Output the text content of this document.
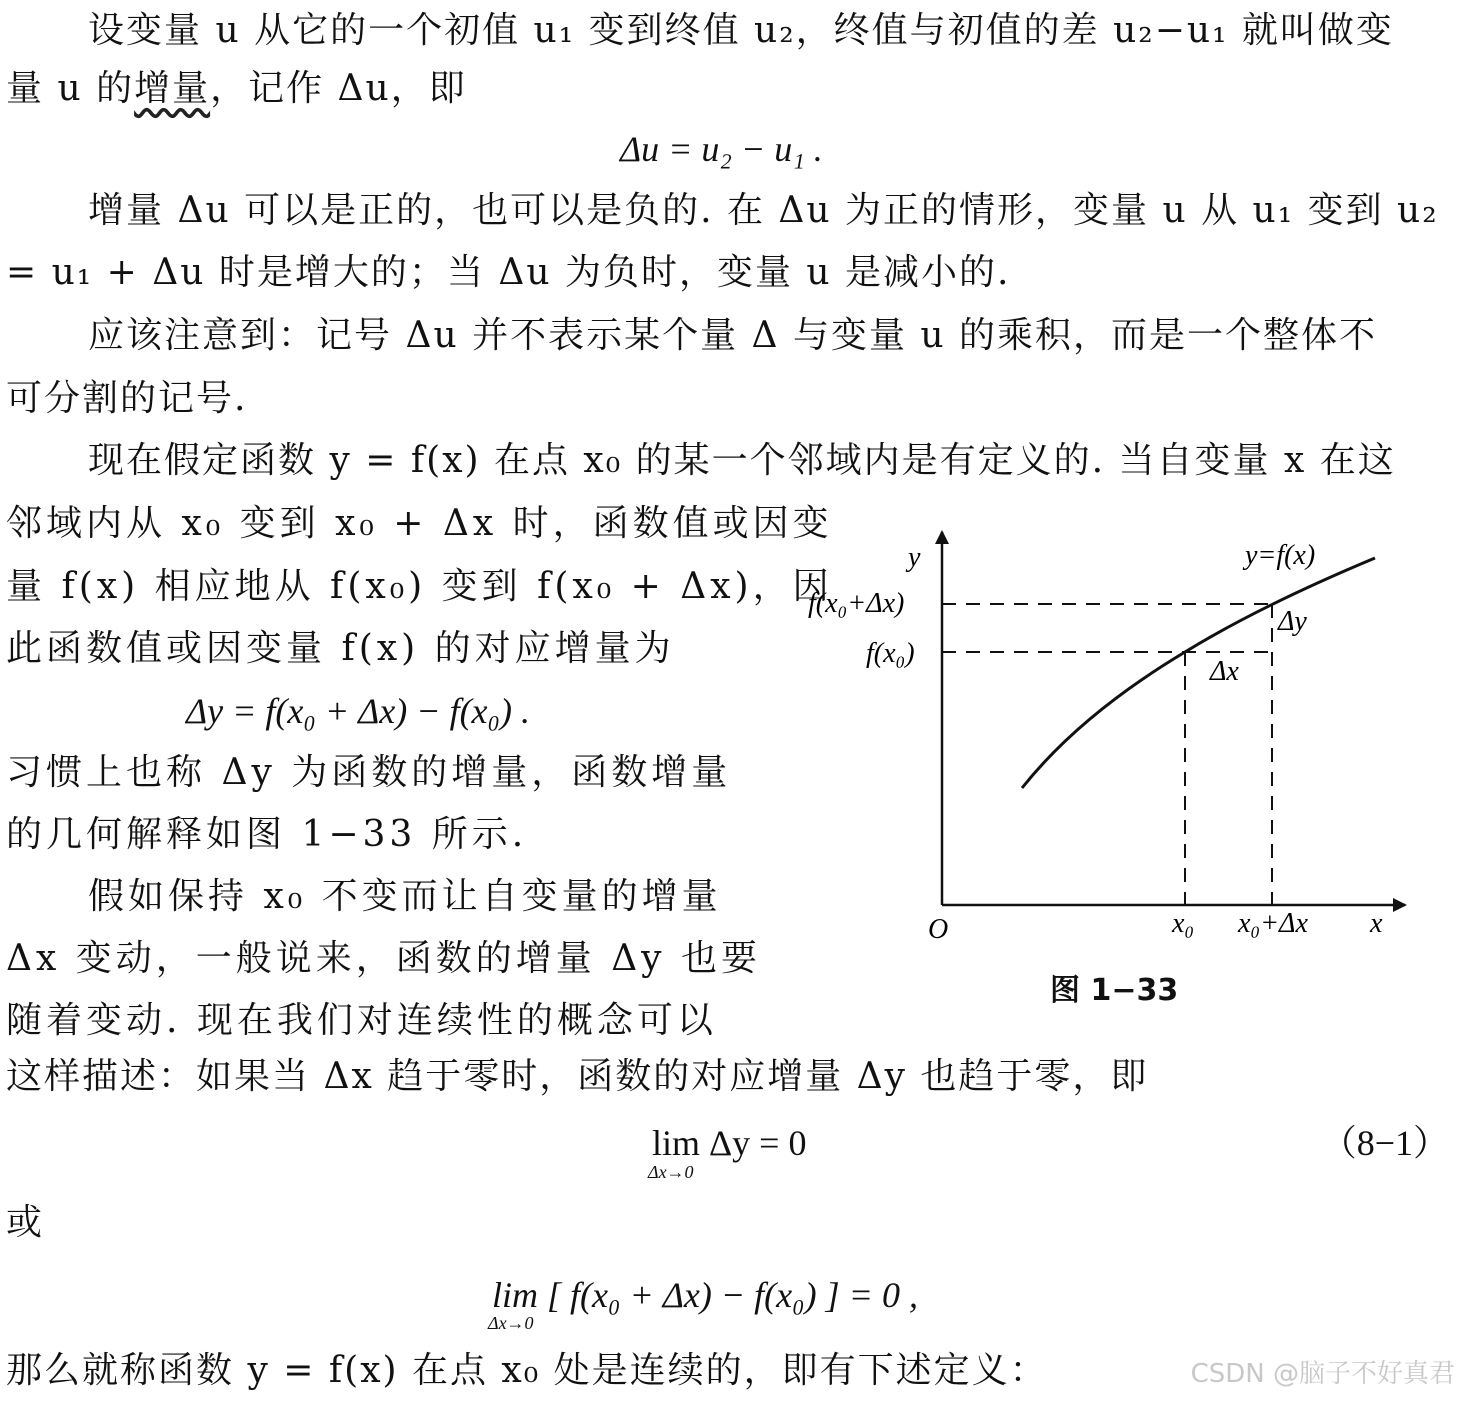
设变量 u 从它的一个初值 u₁ 变到终值 u₂，终值与初值的差 u₂−u₁ 就叫做变
量 u 的增量，记作 Δu，即
Δu = u₂ − u₁ .
增量 Δu 可以是正的，也可以是负的. 在 Δu 为正的情形，变量 u 从 u₁ 变到 u₂
= u₁ + Δu 时是增大的；当 Δu 为负时，变量 u 是减小的.
应该注意到：记号 Δu 并不表示某个量 Δ 与变量 u 的乘积，而是一个整体不
可分割的记号.
现在假定函数 y = f(x) 在点 x₀ 的某一个邻域内是有定义的. 当自变量 x 在这
邻域内从 x₀ 变到 x₀ + Δx 时，函数值或因变
量 f(x) 相应地从 f(x₀) 变到 f(x₀ + Δx)，因
此函数值或因变量 f(x) 的对应增量为
Δy = f(x₀ + Δx) − f(x₀) .
习惯上也称 Δy 为函数的增量，函数增量
的几何解释如图 1−33 所示.
假如保持 x₀ 不变而让自变量的增量
Δx 变动，一般说来，函数的增量 Δy 也要
随着变动. 现在我们对连续性的概念可以
这样描述：如果当 Δx 趋于零时，函数的对应增量 Δy 也趋于零，即
lim Δy = 0
Δx→0
（8−1）
或
lim [ f(x₀ + Δx) − f(x₀) ] = 0 ,
Δx→0
那么就称函数 y = f(x) 在点 x₀ 处是连续的，即有下述定义：
y
x
O
y=f(x)
f(x₀+Δx)
f(x₀)
Δy
Δx
x₀ x₀+Δx
图 1−33
CSDN @脑子不好真君
